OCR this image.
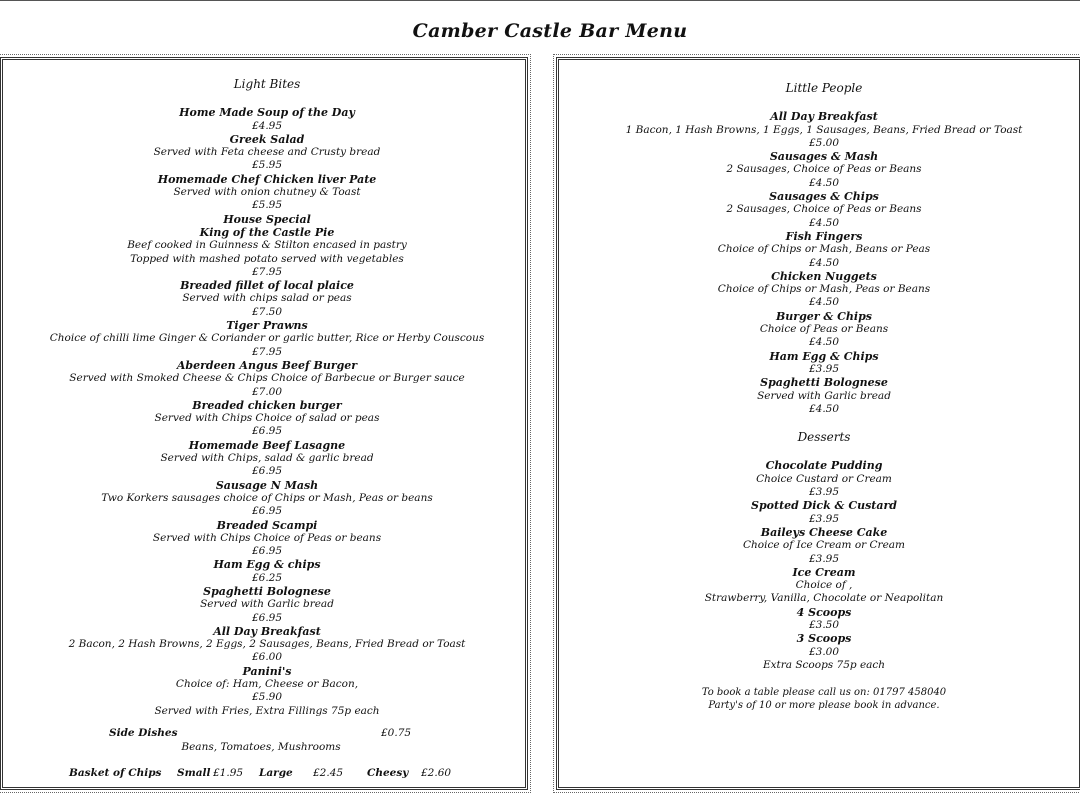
Camber Castle Bar Menu
Light Bites
Home Made Soup of the Day
£4.95
Greek Salad
Served with Feta cheese and Crusty bread
£5.95
Homemade Chef Chicken liver Pate
Served with onion chutney & Toast
£5.95
House Special
King of the Castle Pie
Beef cooked in Guinness & Stilton encased in pastry
Topped with mashed potato served with vegetables
£7.95
Breaded fillet of local plaice
Served with chips salad or peas
£7.50
Tiger Prawns
Choice of chilli lime Ginger & Coriander or garlic butter, Rice or Herby Couscous
£7.95
Aberdeen Angus Beef Burger
Served with Smoked Cheese & Chips Choice of Barbecue or Burger sauce
£7.00
Breaded chicken burger
Served with Chips Choice of salad or peas
£6.95
Homemade Beef Lasagne
Served with Chips, salad & garlic bread
£6.95
Sausage N Mash
Two Korkers sausages choice of Chips or Mash, Peas or beans
£6.95
Breaded Scampi
Served with Chips Choice of Peas or beans
£6.95
Ham Egg & chips
£6.25
Spaghetti Bolognese
Served with Garlic bread
£6.95
All Day Breakfast
2 Bacon, 2 Hash Browns, 2 Eggs, 2 Sausages, Beans, Fried Bread or Toast
£6.00
Panini's
Choice of: Ham, Cheese or Bacon,
£5.90
Served with Fries, Extra Fillings 75p each
Side Dishes	£0.75
Beans, Tomatoes, Mushrooms
Basket of Chips Small £1.95 Large £2.45 Cheesy £2.60
Little People
All Day Breakfast
1 Bacon, 1 Hash Browns, 1 Eggs, 1 Sausages, Beans, Fried Bread or Toast
£5.00
Sausages & Mash
2 Sausages, Choice of Peas or Beans
£4.50
Sausages & Chips
2 Sausages, Choice of Peas or Beans
£4.50
Fish Fingers
Choice of Chips or Mash, Beans or Peas
£4.50
Chicken Nuggets
Choice of Chips or Mash, Peas or Beans
£4.50
Burger & Chips
Choice of Peas or Beans
£4.50
Ham Egg & Chips
£3.95
Spaghetti Bolognese
Served with Garlic bread
£4.50
Desserts
Chocolate Pudding
Choice Custard or Cream
£3.95
Spotted Dick & Custard
£3.95
Baileys Cheese Cake
Choice of Ice Cream or Cream
£3.95
Ice Cream
Choice of ,
Strawberry, Vanilla, Chocolate or Neapolitan
4 Scoops
£3.50
3 Scoops
£3.00
Extra Scoops 75p each
To book a table please call us on: 01797 458040
Party's of 10 or more please book in advance.
